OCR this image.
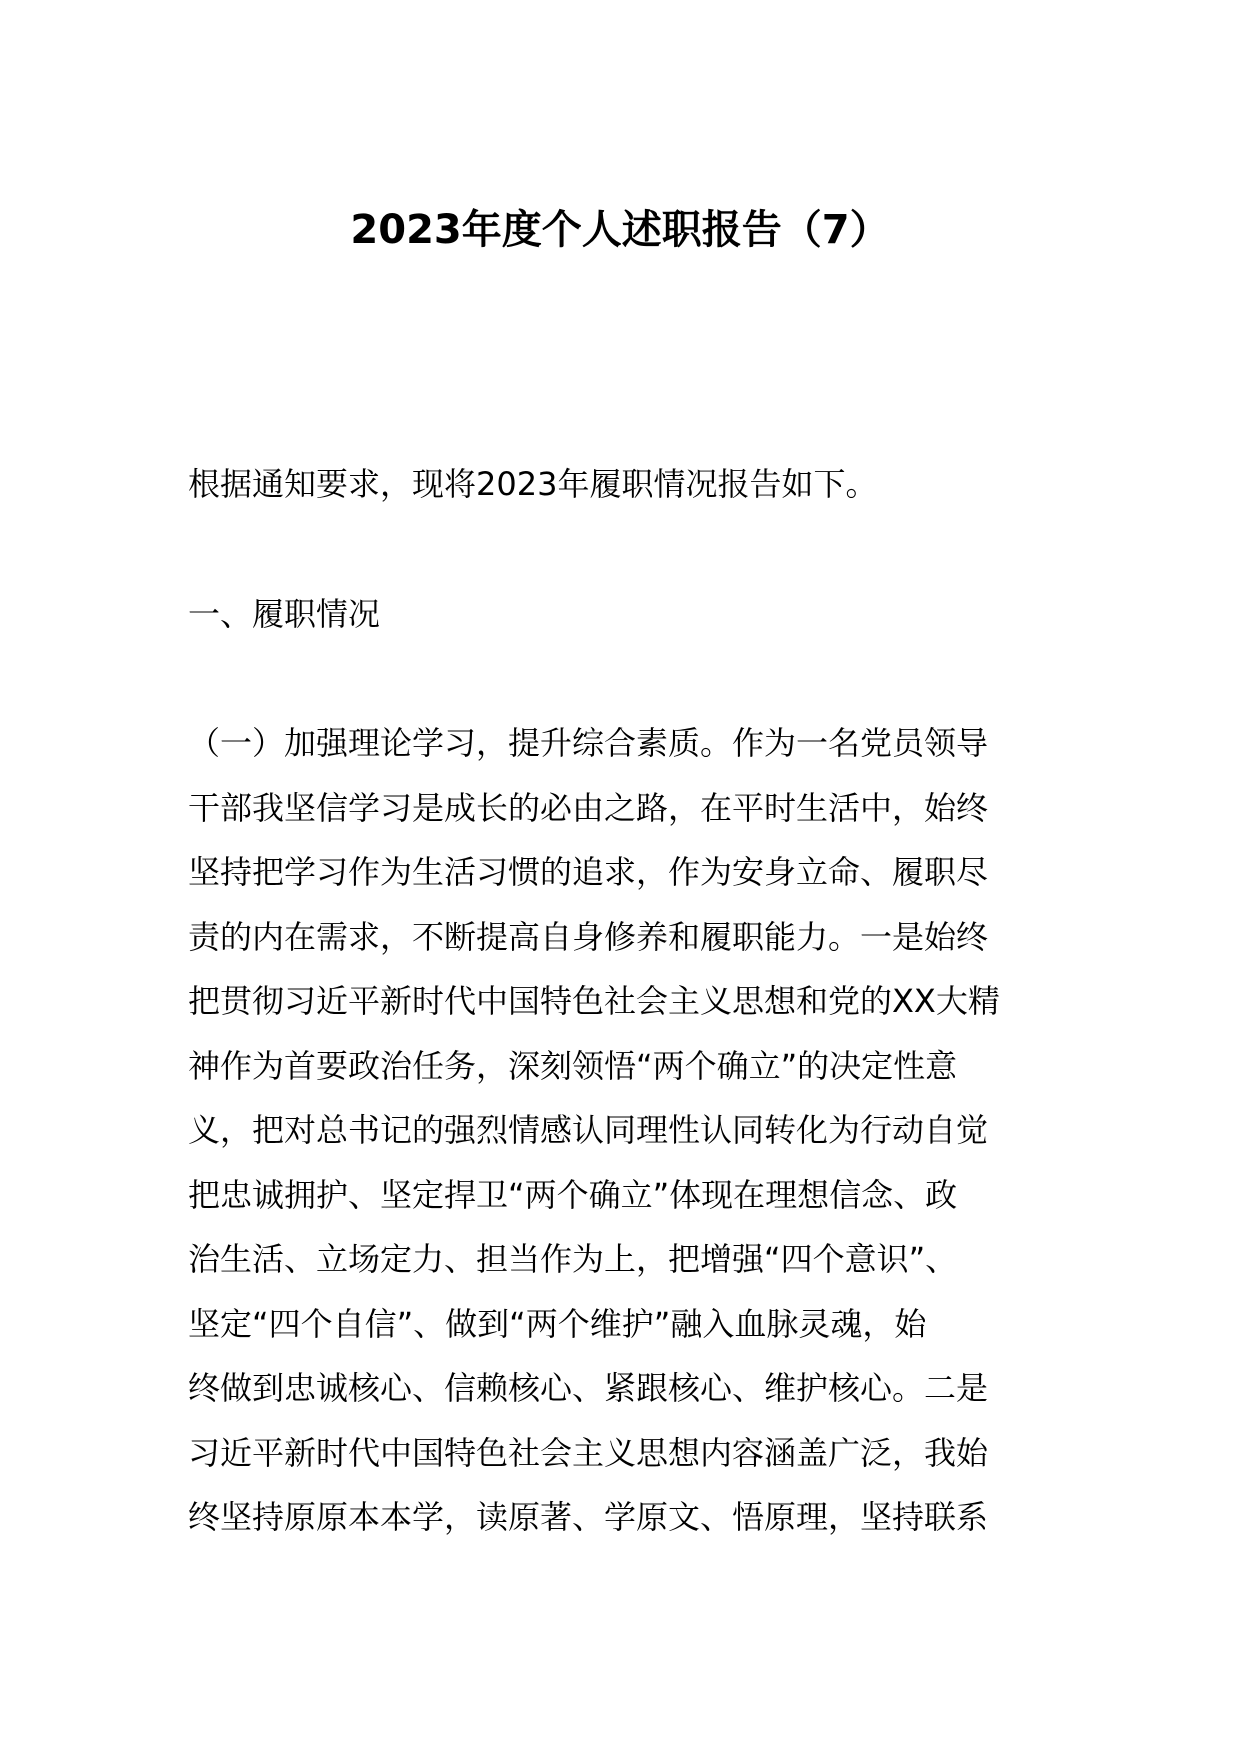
2023年度个人述职报告（7）

根据通知要求，现将2023年履职情况报告如下。

一、履职情况

（一）加强理论学习，提升综合素质。作为一名党员领导
干部我坚信学习是成长的必由之路，在平时生活中，始终
坚持把学习作为生活习惯的追求，作为安身立命、履职尽
责的内在需求，不断提高自身修养和履职能力。一是始终
把贯彻习近平新时代中国特色社会主义思想和党的XX大精
神作为首要政治任务，深刻领悟“两个确立”的决定性意
义，把对总书记的强烈情感认同理性认同转化为行动自觉
把忠诚拥护、坚定捍卫“两个确立”体现在理想信念、政
治生活、立场定力、担当作为上，把增强“四个意识”、
坚定“四个自信”、做到“两个维护”融入血脉灵魂，始
终做到忠诚核心、信赖核心、紧跟核心、维护核心。二是
习近平新时代中国特色社会主义思想内容涵盖广泛，我始
终坚持原原本本学，读原著、学原文、悟原理，坚持联系
